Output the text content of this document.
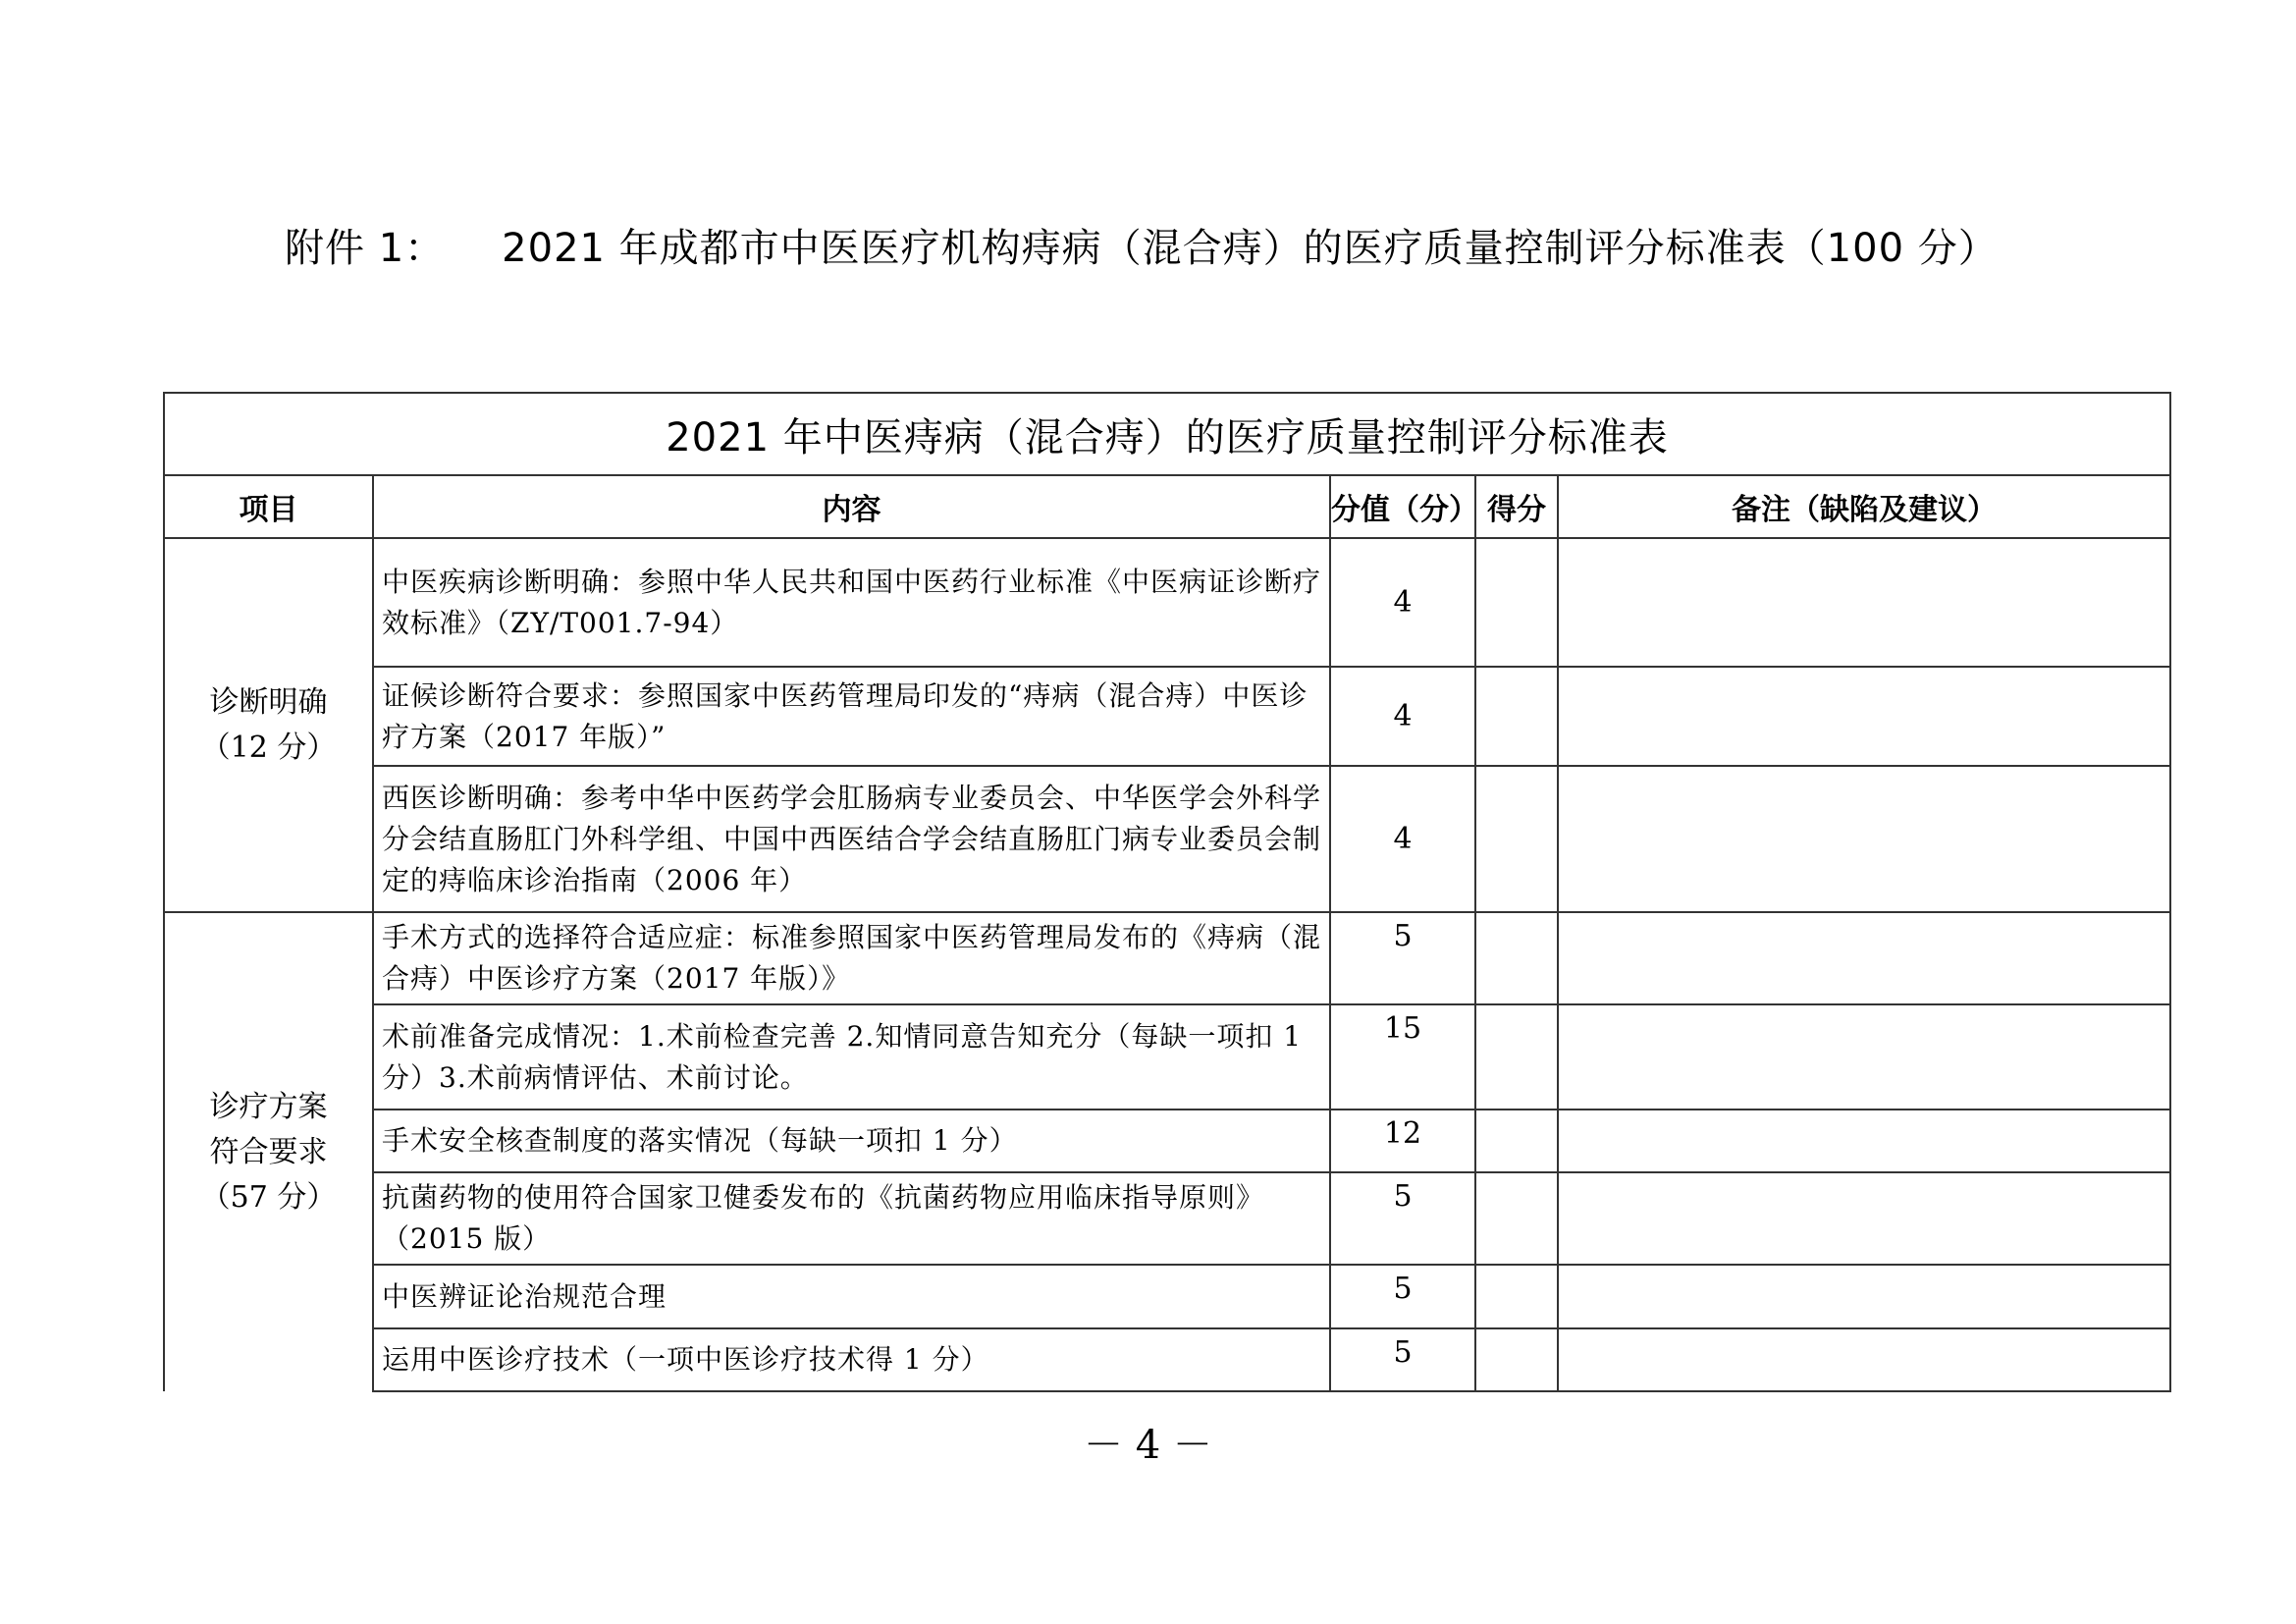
附件 1： 2021 年成都市中医医疗机构痔病（混合痔）的医疗质量控制评分标准表（100 分）
2021 年中医痔病（混合痔）的医疗质量控制评分标准表				
项目	内容	分值（分）	得分	备注（缺陷及建议）

诊断明确
（12 分）	中医疾病诊断明确：参照中华人民共和国中医药行业标准《中医病证诊断疗效标准》（ZY/T001.7-94）	4		
	证候诊断符合要求：参照国家中医药管理局印发的“痔病（混合痔）中医诊疗方案（2017 年版）”	4		
	西医诊断明确：参考中华中医药学会肛肠病专业委员会、中华医学会外科学分会结直肠肛门外科学组、中国中西医结合学会结直肠肛门病专业委员会制定的痔临床诊治指南（2006 年）	4		

诊疗方案
符合要求
（57 分）	手术方式的选择符合适应症：标准参照国家中医药管理局发布的《痔病（混合痔）中医诊疗方案（2017 年版）》	5		
	术前准备完成情况：1.术前检查完善 2.知情同意告知充分（每缺一项扣 1 分）3.术前病情评估、术前讨论。	15		
	手术安全核查制度的落实情况（每缺一项扣 1 分）	12		
	抗菌药物的使用符合国家卫健委发布的《抗菌药物应用临床指导原则》（2015 版）	5		
	中医辨证论治规范合理	5		
	运用中医诊疗技术（一项中医诊疗技术得 1 分）	5		
－ 4 －
